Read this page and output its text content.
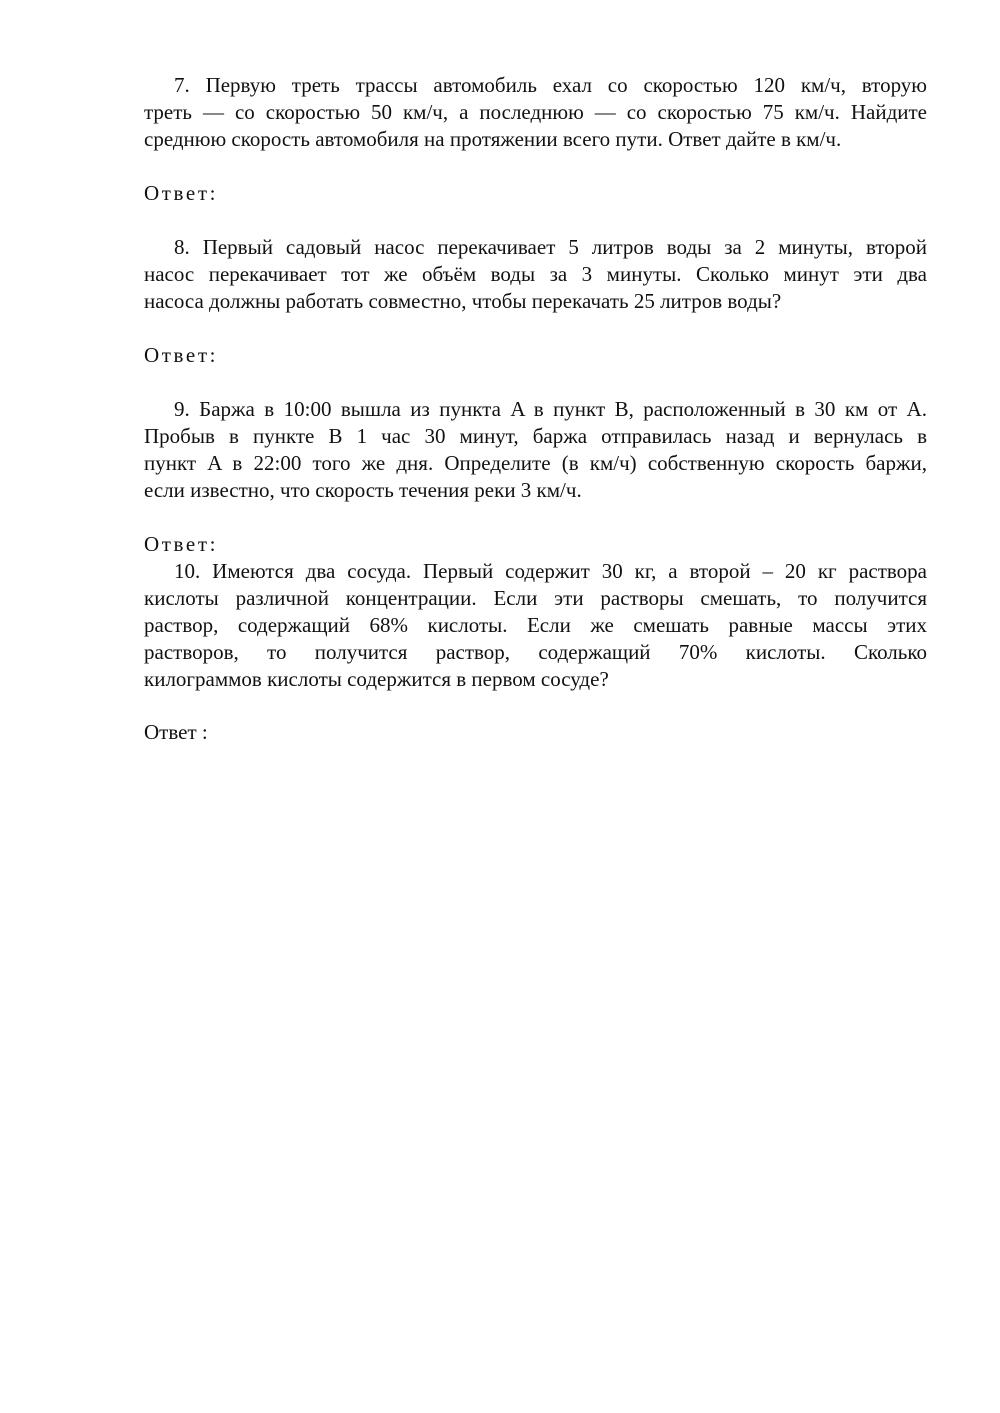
7. Первую треть трассы автомобиль ехал со скоростью 120 км/ч, вторую
треть — со скоростью 50 км/ч, а последнюю — со скоростью 75 км/ч. Найдите
среднюю скорость автомобиля на протяжении всего пути. Ответ дайте в км/ч.
Ответ:
8. Первый садовый насос перекачивает 5 литров воды за 2 минуты, второй
насос перекачивает тот же объём воды за 3 минуты. Сколько минут эти два
насоса должны работать совместно, чтобы перекачать 25 литров воды?
Ответ:
9. Баржа в 10:00 вышла из пункта A в пункт B, расположенный в 30 км от A.
Пробыв в пункте B 1 час 30 минут, баржа отправилась назад и вернулась в
пункт A в 22:00 того же дня. Определите (в км/ч) собственную скорость баржи,
если известно, что скорость течения реки 3 км/ч.
Ответ:
10. Имеются два сосуда. Первый содержит 30 кг, а второй – 20 кг раствора
кислоты различной концентрации. Если эти растворы смешать, то получится
раствор, содержащий 68% кислоты. Если же смешать равные массы этих
растворов, то получится раствор, содержащий 70% кислоты. Сколько
килограммов кислоты содержится в первом сосуде?
Ответ :
